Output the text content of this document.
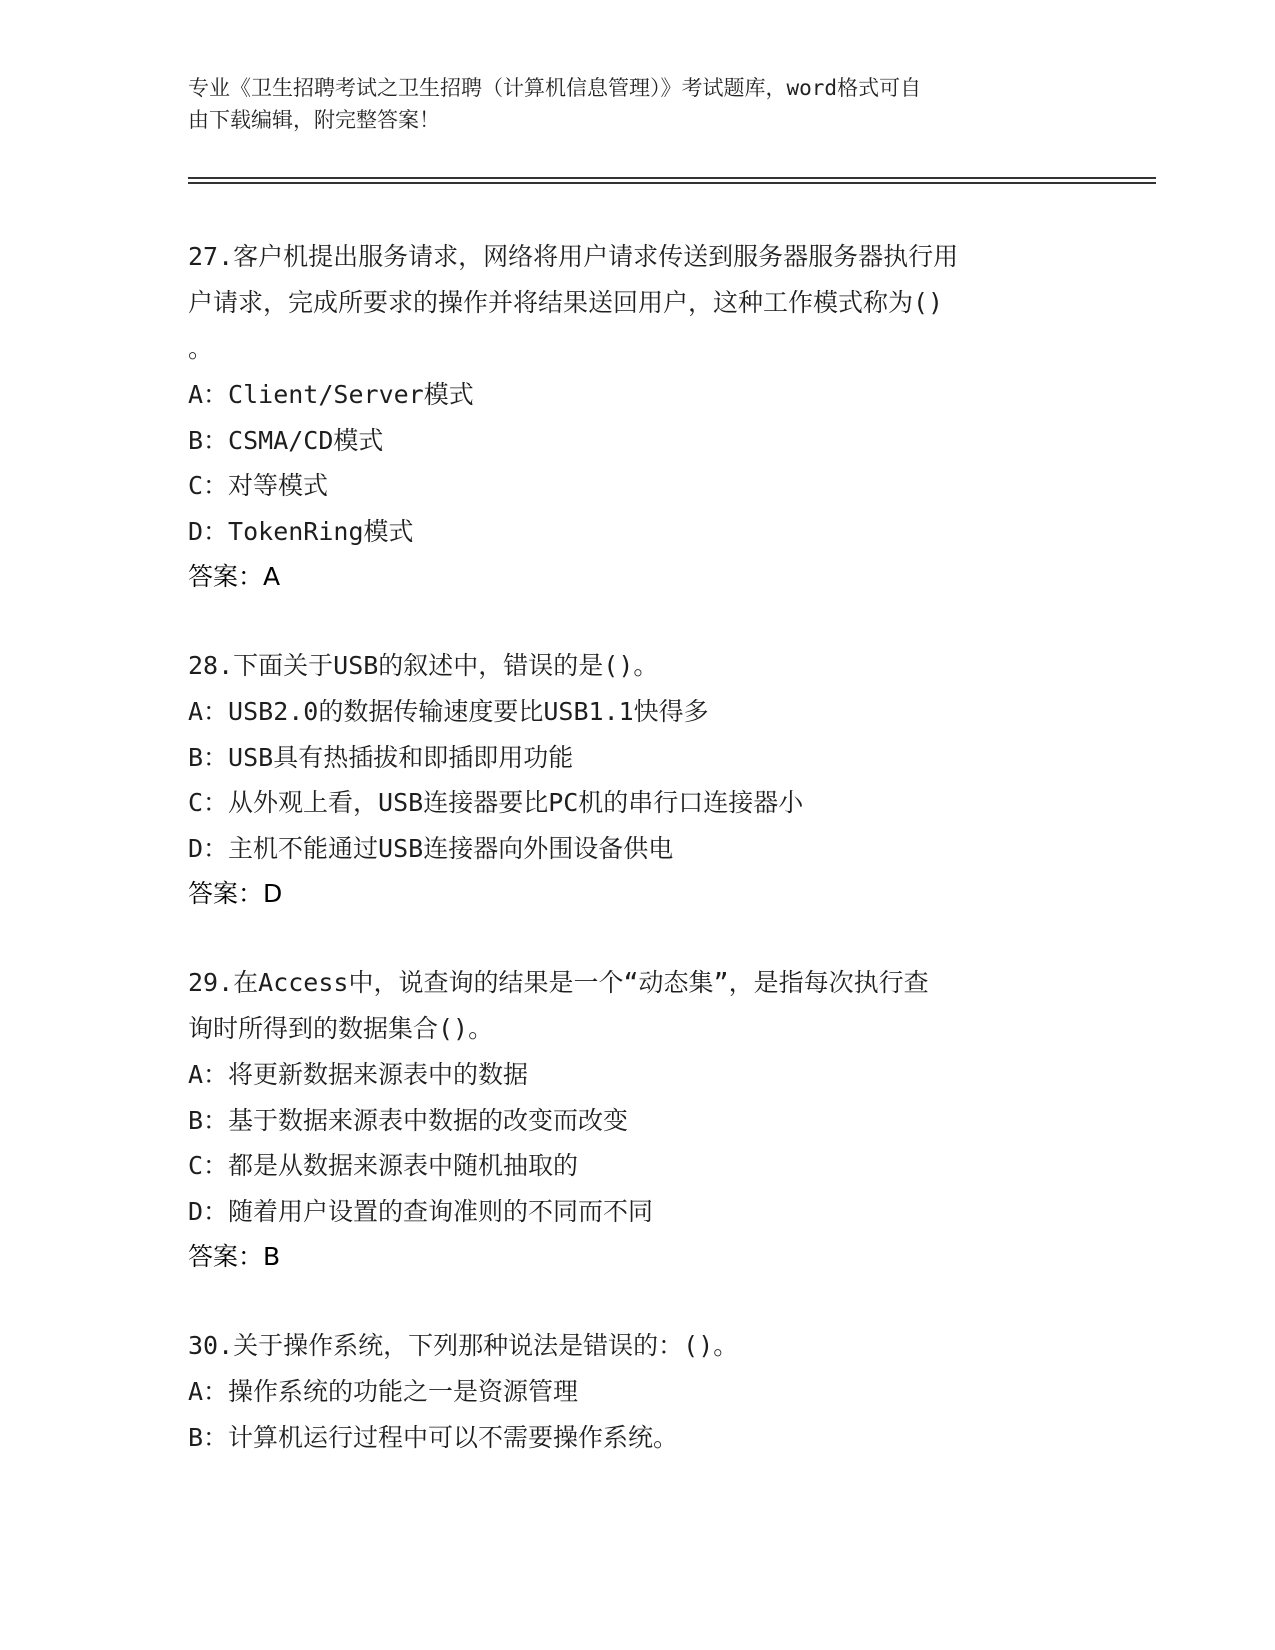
专业《卫生招聘考试之卫生招聘（计算机信息管理）》考试题库，word格式可自
由下载编辑，附完整答案！

27.客户机提出服务请求，网络将用户请求传送到服务器服务器执行用
户请求，完成所要求的操作并将结果送回用户，这种工作模式称为()
。

A：Client/Server模式
B：CSMA/CD模式
C：对等模式
D：TokenRing模式
答案：A

28.下面关于USB的叙述中，错误的是()。

A：USB2.0的数据传输速度要比USB1.1快得多
B：USB具有热插拔和即插即用功能
C：从外观上看，USB连接器要比PC机的串行口连接器小
D：主机不能通过USB连接器向外围设备供电
答案：D

29.在Access中，说查询的结果是一个“动态集”，是指每次执行查
询时所得到的数据集合()。

A：将更新数据来源表中的数据
B：基于数据来源表中数据的改变而改变
C：都是从数据来源表中随机抽取的
D：随着用户设置的查询准则的不同而不同
答案：B

30.关于操作系统，下列那种说法是错误的：()。

A：操作系统的功能之一是资源管理
B：计算机运行过程中可以不需要操作系统。
